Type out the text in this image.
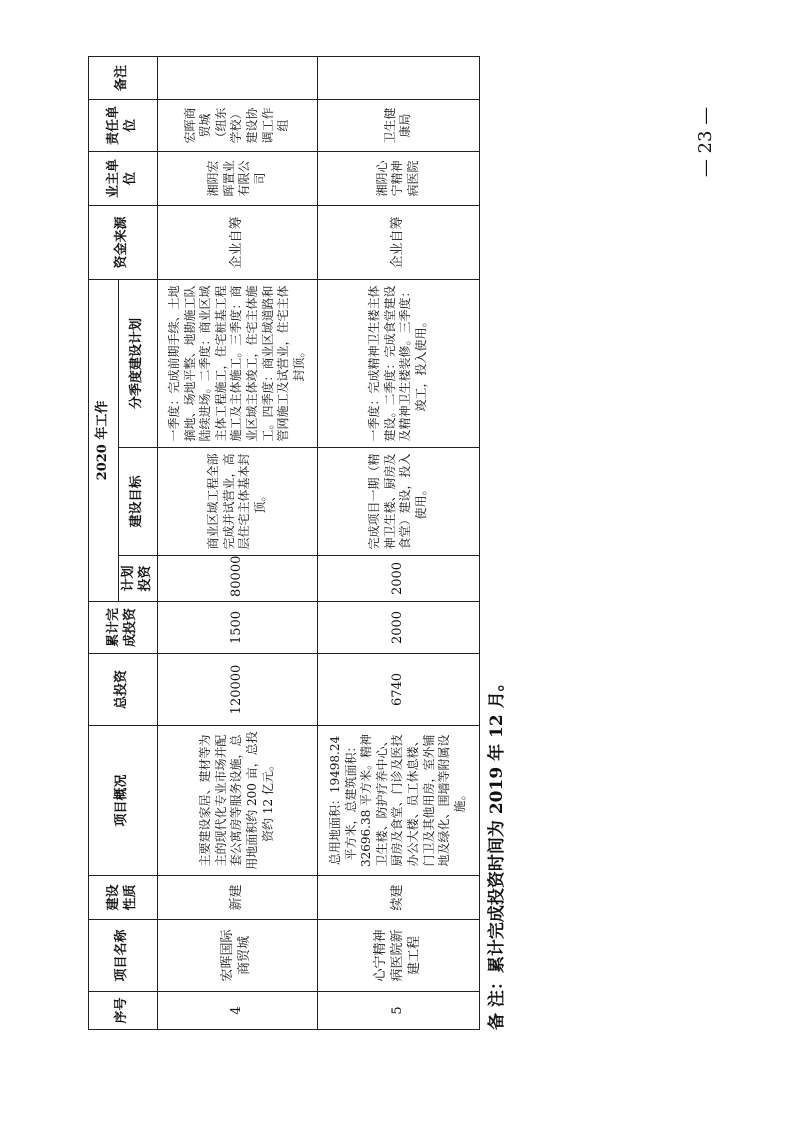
— 23 —
序号	项目名称	建设性质	项目概况	总投资	累计完成投资	2020 年工作			资金来源	业主单位	责任单位	备注
						计划投资	建设目标	分季度建设计划				
4	宏晖国际商贸城	新建	主要建设家居、建材等为主的现代化专业市场并配套公寓房等服务设施，总用地面积约 200 亩，总投资约 12 亿元。	120000	1500	80000	商业区域工程全部完成并试营业，高层住宅主体基本封顶。	一季度：完成前期手续、土地摘地、场地平整、地勘施工队陆续进场。二季度：商业区域主体工程施工，住宅桩基工程施工及主体施工。三季度：商业区域主体竣工，住宅主体施工。四季度：商业区域道路和管网施工及试营业，住宅主体封顶。	企业自筹	湘阴宏晖置业有限公司	宏晖商贸城（纽东学校）建设协调工作组	
5	心宁精神病医院新建工程	续建	总用地面积：19498.24 平方米，总建筑面积：32696.38 平方米。精神卫生楼、防护疗养中心、厨房及食堂、门诊及医技办公大楼、员工休息楼、门卫及其他用房，室外铺地及绿化、围墙等附属设施。	6740	2000	2000	完成项目一期（精神卫生楼、厨房及食堂）建设，投入使用。	一季度：完成精神卫生楼主体建设。二季度：完成食堂建设及精神卫生楼装修。三季度：竣工，投入使用。	企业自筹	湘阴心宁精神病医院	卫生健康局	
备 注：累计完成投资时间为 2019 年 12 月。
